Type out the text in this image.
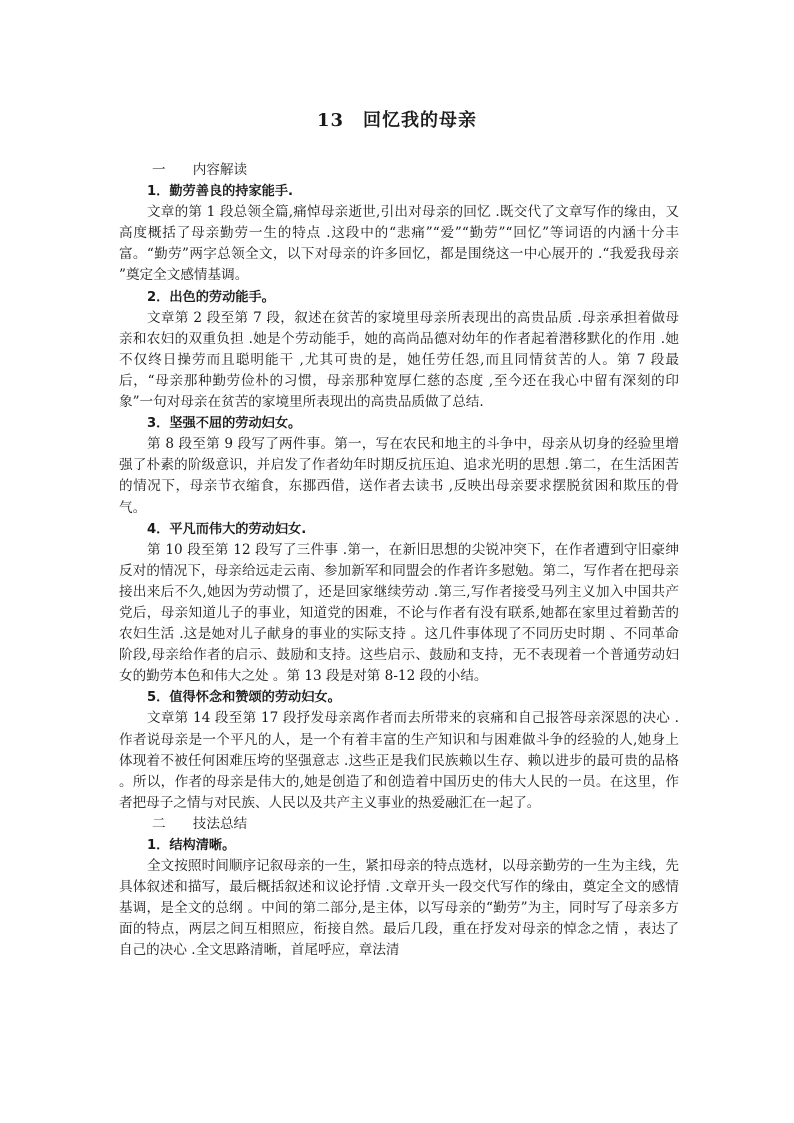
13　回忆我的母亲

一　　内容解读

1．勤劳善良的持家能手.

文章的第 1 段总领全篇,痛悼母亲逝世,引出对母亲的回忆 .既交代了文章写作的缘由，又高度概括了母亲勤劳一生的特点 .这段中的“悲痛”“爱”“勤劳”“回忆”等词语的内涵十分丰富。“勤劳”两字总领全文，以下对母亲的许多回忆，都是围绕这一中心展开的 .“我爱我母亲 ”奠定全文感情基调。

2．出色的劳动能手。

文章第 2 段至第 7 段，叙述在贫苦的家境里母亲所表现出的高贵品质 .母亲承担着做母亲和农妇的双重负担 .她是个劳动能手，她的高尚品德对幼年的作者起着潜移默化的作用 .她不仅终日操劳而且聪明能干 ,尤其可贵的是，她任劳任怨,而且同情贫苦的人。第 7 段最后，“母亲那种勤劳俭朴的习惯，母亲那种宽厚仁慈的态度 ,至今还在我心中留有深刻的印象”一句对母亲在贫苦的家境里所表现出的高贵品质做了总结.

3．坚强不屈的劳动妇女。

第 8 段至第 9 段写了两件事。第一，写在农民和地主的斗争中，母亲从切身的经验里增强了朴素的阶级意识，并启发了作者幼年时期反抗压迫、追求光明的思想 .第二，在生活困苦的情况下，母亲节衣缩食，东挪西借，送作者去读书 ,反映出母亲要求摆脱贫困和欺压的骨气。

4．平凡而伟大的劳动妇女.

第 10 段至第 12 段写了三件事 .第一，在新旧思想的尖锐冲突下，在作者遭到守旧豪绅反对的情况下，母亲给远走云南、参加新军和同盟会的作者许多慰勉。第二，写作者在把母亲接出来后不久,她因为劳动惯了，还是回家继续劳动 .第三,写作者接受马列主义加入中国共产党后，母亲知道儿子的事业，知道党的困难，不论与作者有没有联系,她都在家里过着勤苦的农妇生活 .这是她对儿子献身的事业的实际支持 。这几件事体现了不同历史时期 、不同革命阶段,母亲给作者的启示、鼓励和支持。这些启示、鼓励和支持，无不表现着一个普通劳动妇女的勤劳本色和伟大之处 。第 13 段是对第 8-12 段的小结。

5．值得怀念和赞颂的劳动妇女。

文章第 14 段至第 17 段抒发母亲离作者而去所带来的哀痛和自己报答母亲深恩的决心 .作者说母亲是一个平凡的人，是一个有着丰富的生产知识和与困难做斗争的经验的人,她身上体现着不被任何困难压垮的坚强意志 .这些正是我们民族赖以生存、赖以进步的最可贵的品格 。所以，作者的母亲是伟大的,她是创造了和创造着中国历史的伟大人民的一员。在这里，作者把母子之情与对民族、人民以及共产主义事业的热爱融汇在一起了。

二　　技法总结

1．结构清晰。

全文按照时间顺序记叙母亲的一生，紧扣母亲的特点选材，以母亲勤劳的一生为主线，先具体叙述和描写，最后概括叙述和议论抒情 .文章开头一段交代写作的缘由，奠定全文的感情基调，是全文的总纲 。中间的第二部分,是主体，以写母亲的“勤劳”为主，同时写了母亲多方面的特点，两层之间互相照应，衔接自然。最后几段，重在抒发对母亲的悼念之情 ，表达了自己的决心 .全文思路清晰，首尾呼应，章法清
